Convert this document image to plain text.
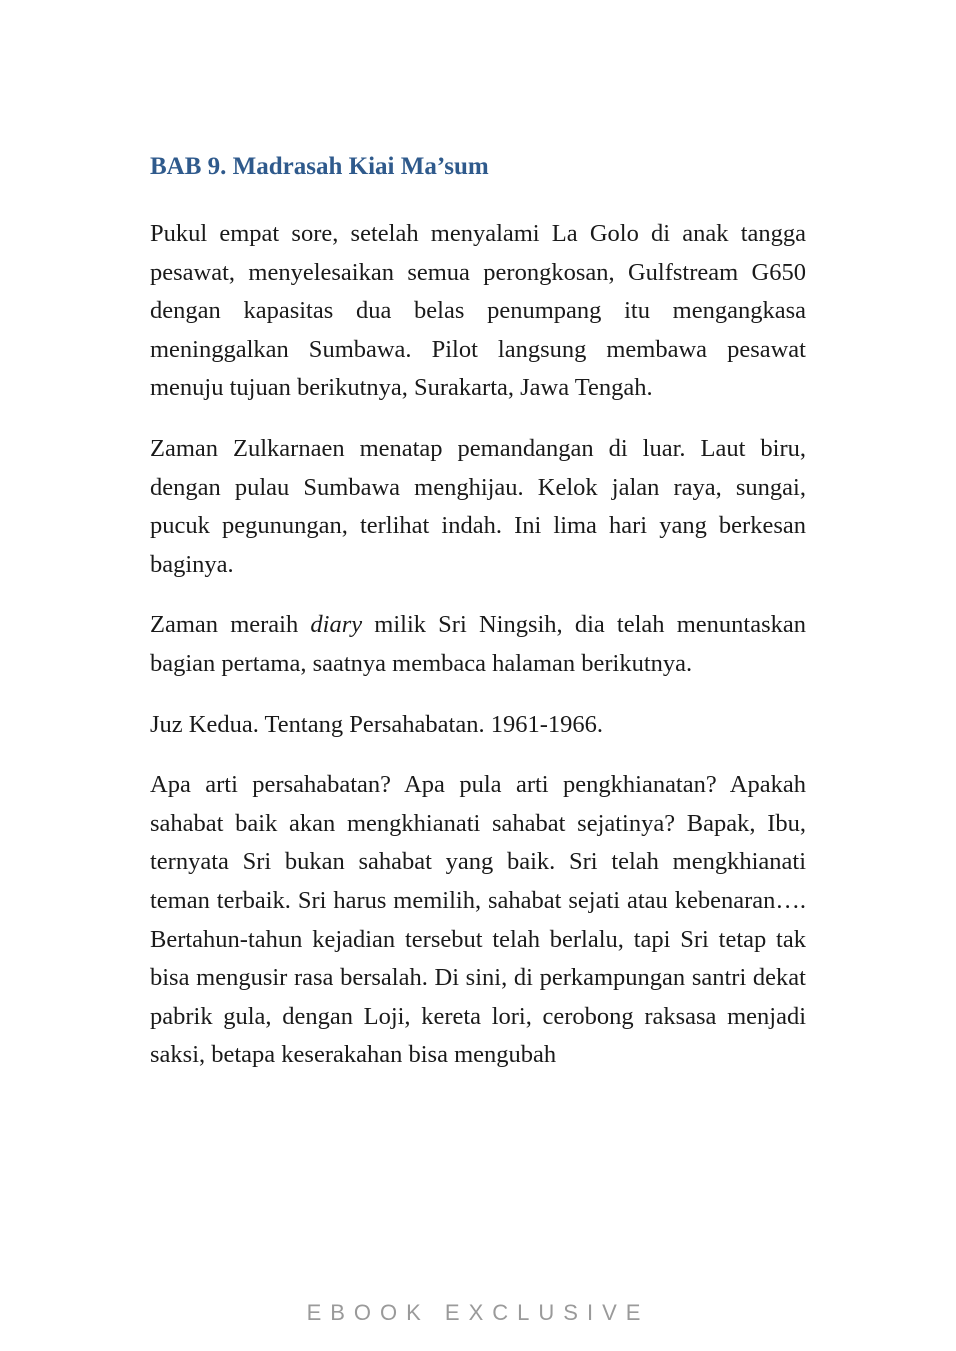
BAB 9. Madrasah Kiai Ma’sum

Pukul empat sore, setelah menyalami La Golo di anak tangga pesawat, menyelesaikan semua perongkosan, Gulfstream G650 dengan kapasitas dua belas penumpang itu mengangkasa meninggalkan Sumbawa. Pilot langsung membawa pesawat menuju tujuan berikutnya, Surakarta, Jawa Tengah.

Zaman Zulkarnaen menatap pemandangan di luar. Laut biru, dengan pulau Sumbawa menghijau. Kelok jalan raya, sungai, pucuk pegunungan, terlihat indah. Ini lima hari yang berkesan baginya.

Zaman meraih diary milik Sri Ningsih, dia telah menuntaskan bagian pertama, saatnya membaca halaman berikutnya.

Juz Kedua. Tentang Persahabatan. 1961-1966.

Apa arti persahabatan? Apa pula arti pengkhianatan? Apakah sahabat baik akan mengkhianati sahabat sejatinya? Bapak, Ibu, ternyata Sri bukan sahabat yang baik. Sri telah mengkhianati teman terbaik. Sri harus memilih, sahabat sejati atau kebenaran…. Bertahun-tahun kejadian tersebut telah berlalu, tapi Sri tetap tak bisa mengusir rasa bersalah. Di sini, di perkampungan santri dekat pabrik gula, dengan Loji, kereta lori, cerobong raksasa menjadi saksi, betapa keserakahan bisa mengubah

EBOOK EXCLUSIVE
